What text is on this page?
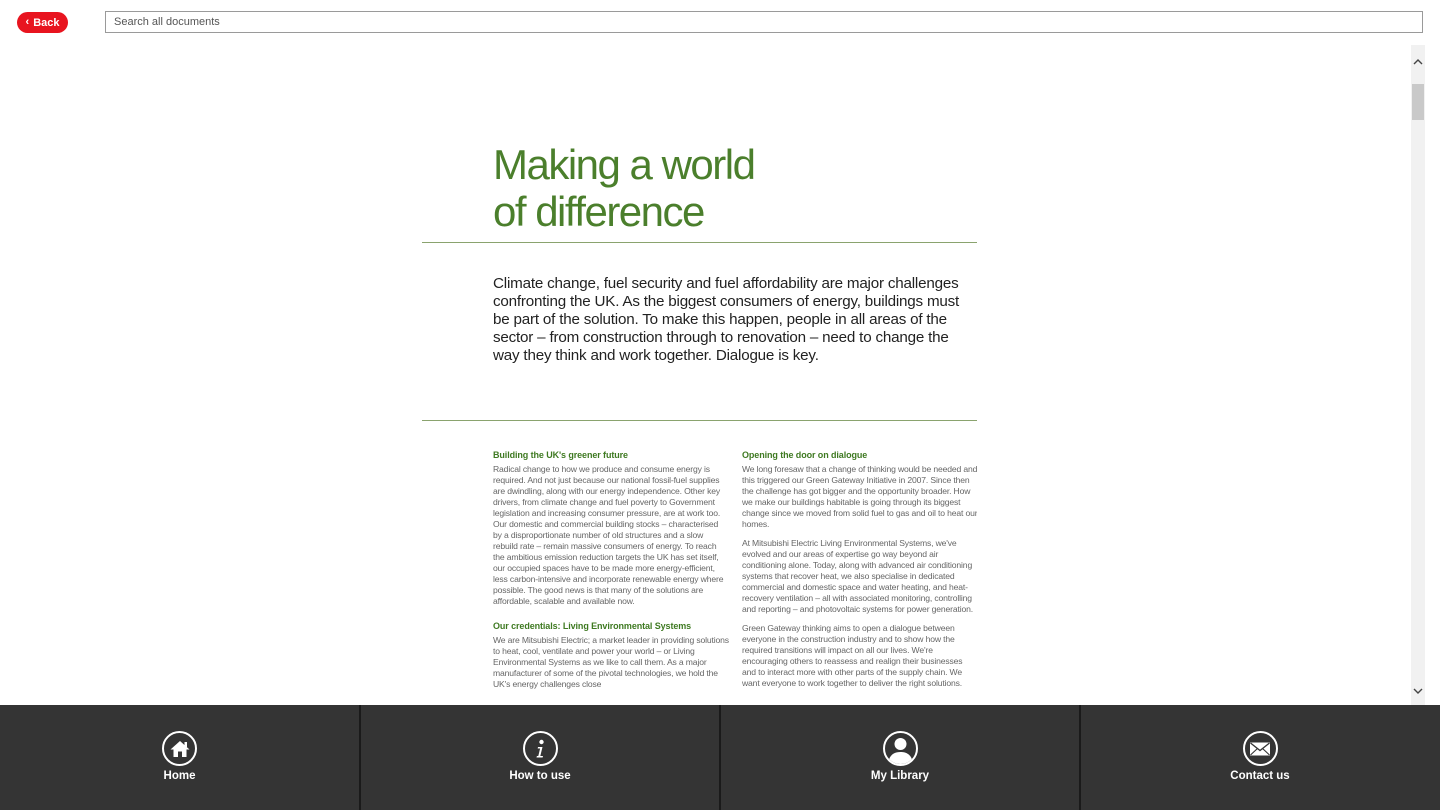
‹ Back
Search all documents
Making a world
of difference

Climate change, fuel security and fuel affordability are major challenges confronting the UK. As the biggest consumers of energy, buildings must be part of the solution. To make this happen, people in all areas of the sector – from construction through to renovation – need to change the way they think and work together. Dialogue is key.

Building the UK's greener future

Radical change to how we produce and consume energy is required. And not just because our national fossil-fuel supplies are dwindling, along with our energy independence. Other key drivers, from climate change and fuel poverty to Government legislation and increasing consumer pressure, are at work too. Our domestic and commercial building stocks – characterised by a disproportionate number of old structures and a slow rebuild rate – remain massive consumers of energy. To reach the ambitious emission reduction targets the UK has set itself, our occupied spaces have to be made more energy-efficient, less carbon-intensive and incorporate renewable energy where possible. The good news is that many of the solutions are affordable, scalable and available now.

Our credentials: Living Environmental Systems

We are Mitsubishi Electric; a market leader in providing solutions to heat, cool, ventilate and power your world – or Living Environmental Systems as we like to call them. As a major manufacturer of some of the pivotal technologies, we hold the UK's energy challenges close

Opening the door on dialogue

We long foresaw that a change of thinking would be needed and this triggered our Green Gateway Initiative in 2007. Since then the challenge has got bigger and the opportunity broader. How we make our buildings habitable is going through its biggest change since we moved from solid fuel to gas and oil to heat our homes.

At Mitsubishi Electric Living Environmental Systems, we've evolved and our areas of expertise go way beyond air conditioning alone. Today, along with advanced air conditioning systems that recover heat, we also specialise in dedicated commercial and domestic space and water heating, and heat-recovery ventilation – all with associated monitoring, controlling and reporting – and photovoltaic systems for power generation.

Green Gateway thinking aims to open a dialogue between everyone in the construction industry and to show how the required transitions will impact on all our lives. We're encouraging others to reassess and realign their businesses and to interact more with other parts of the supply chain. We want everyone to work together to deliver the right solutions.

Home	How to use	My Library	Contact us
